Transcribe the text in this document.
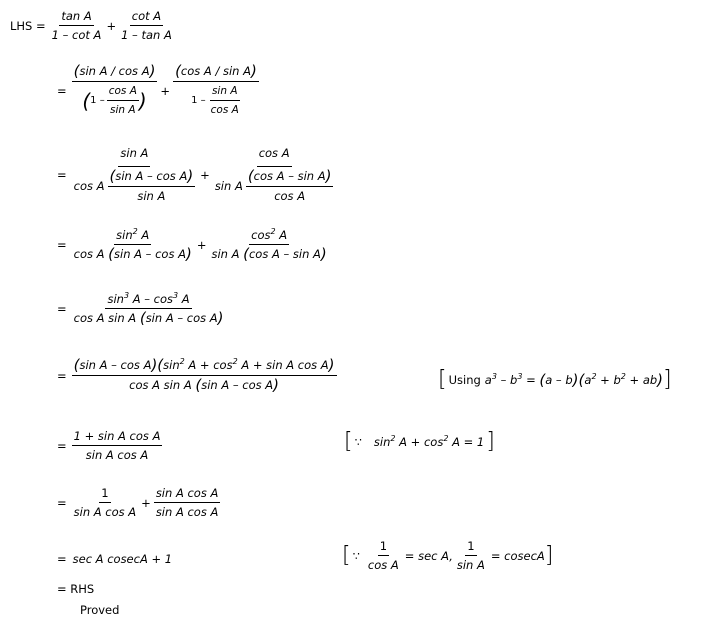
LHS = $\frac{\text{tan A}}{\text{1 – cot A}} + \frac{\text{cot A}}{\text{1 – tan A}}$
= $\frac{\text{(sin A / cos A)}}{( 1 - \frac{\text{cos A}}{\text{sin A}} )} + \frac{\text{(cos A / sin A)}}{1 - \frac{\text{sin A}}{\text{cos A}}}$
= $\frac{\text{sin A}}{\cos A \frac{\text{(sin A – cos A)}}{\text{sin A}}} + \frac{\text{cos A}}{\sin A \frac{\text{(cos A – sin A)}}{\text{cos A}}}$
= $\frac{\sin^2 A}{\text{cos A (sin A – cos A)}} + \frac{\cos^2 A}{\text{sin A (cos A – sin A)}}$
= $\frac{\sin^3 A - \cos^3 A}{\text{cos A sin A (sin A – cos A)}}$
= $\frac{(\sin A - \cos A)(\sin^2 A + \cos^2 A + \sin A \cos A)}{\text{cos A sin A (sin A – cos A)}}$	[ Using $a^3 - b^3 = (a - b)(a^2 + b^2 + ab)$ ]
= $\frac{\text{1 + sin A cos A}}{\text{sin A cos A}}$	[ ∵ $\sin^2 A + \cos^2 A = 1$ ]
= $\frac{1}{\text{sin A cos A}} + \frac{\text{sin A cos A}}{\text{sin A cos A}}$
= sec A cosecA + 1	[ ∵ $\frac{1}{\text{cos A}} = \sec A$, $\frac{1}{\text{sin A}} = cosecA$ ]
= RHS
Proved
